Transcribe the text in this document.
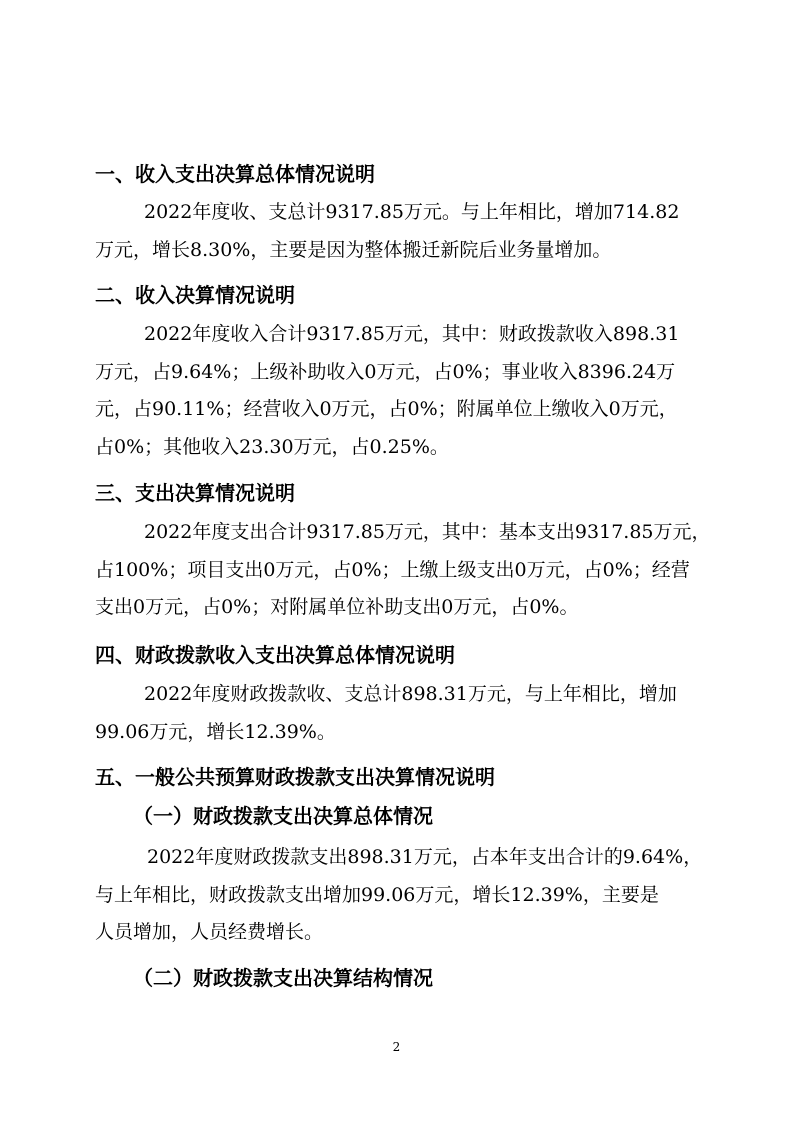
一、收入支出决算总体情况说明
2022年度收、支总计9317.85万元。与上年相比，增加714.82
万元，增长8.30%，主要是因为整体搬迁新院后业务量增加。
二、收入决算情况说明
2022年度收入合计9317.85万元，其中：财政拨款收入898.31
万元，占9.64%；上级补助收入0万元，占0%；事业收入8396.24万
元，占90.11%；经营收入0万元，占0%；附属单位上缴收入0万元，
占0%；其他收入23.30万元，占0.25%。
三、支出决算情况说明
2022年度支出合计9317.85万元，其中：基本支出9317.85万元，
占100%；项目支出0万元，占0%；上缴上级支出0万元，占0%；经营
支出0万元，占0%；对附属单位补助支出0万元，占0%。
四、财政拨款收入支出决算总体情况说明
2022年度财政拨款收、支总计898.31万元，与上年相比，增加
99.06万元，增长12.39%。
五、一般公共预算财政拨款支出决算情况说明
（一）财政拨款支出决算总体情况
2022年度财政拨款支出898.31万元，占本年支出合计的9.64%，
与上年相比，财政拨款支出增加99.06万元，增长12.39%，主要是
人员增加，人员经费增长。
（二）财政拨款支出决算结构情况
2
